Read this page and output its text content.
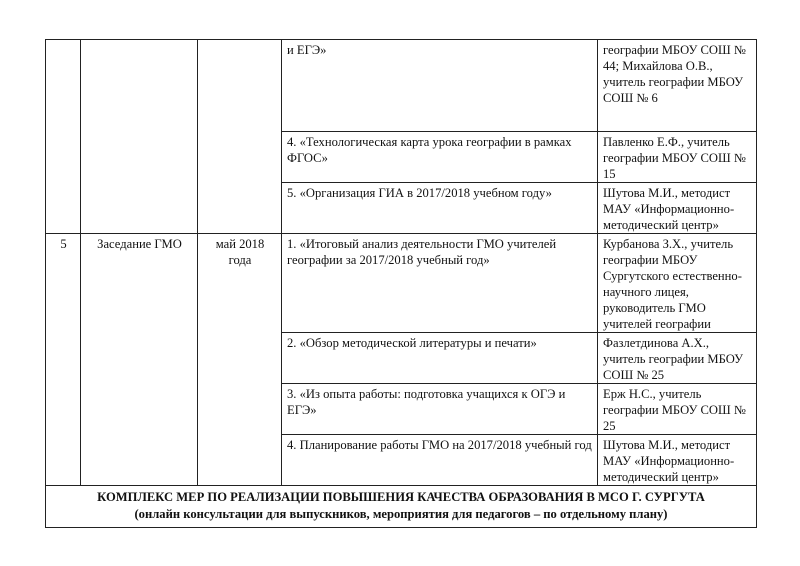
			и ЕГЭ»	географии МБОУ СОШ № 44; Михайлова О.В., учитель географии МБОУ СОШ № 6
			4. «Технологическая карта урока географии в рамках ФГОС»	Павленко Е.Ф., учитель географии МБОУ СОШ № 15
			5. «Организация ГИА в 2017/2018 учебном году»	Шутова М.И., методист МАУ «Информационно-методический центр»
5	Заседание ГМО	май 2018 года	1. «Итоговый анализ деятельности ГМО учителей географии за 2017/2018 учебный год»	Курбанова З.Х., учитель географии МБОУ Сургутского естественно-научного лицея, руководитель ГМО учителей географии
			2. «Обзор методической литературы и печати»	Фазлетдинова А.Х., учитель географии МБОУ СОШ № 25
			3. «Из опыта работы: подготовка учащихся к ОГЭ и ЕГЭ»	Ерж Н.С., учитель географии МБОУ СОШ № 25
			4. Планирование работы ГМО на 2017/2018 учебный год	Шутова М.И., методист МАУ «Информационно-методический центр»

КОМПЛЕКС МЕР ПО РЕАЛИЗАЦИИ ПОВЫШЕНИЯ КАЧЕСТВА ОБРАЗОВАНИЯ В МСО Г. СУРГУТА
(онлайн консультации для выпускников, мероприятия для педагогов – по отдельному плану)				
